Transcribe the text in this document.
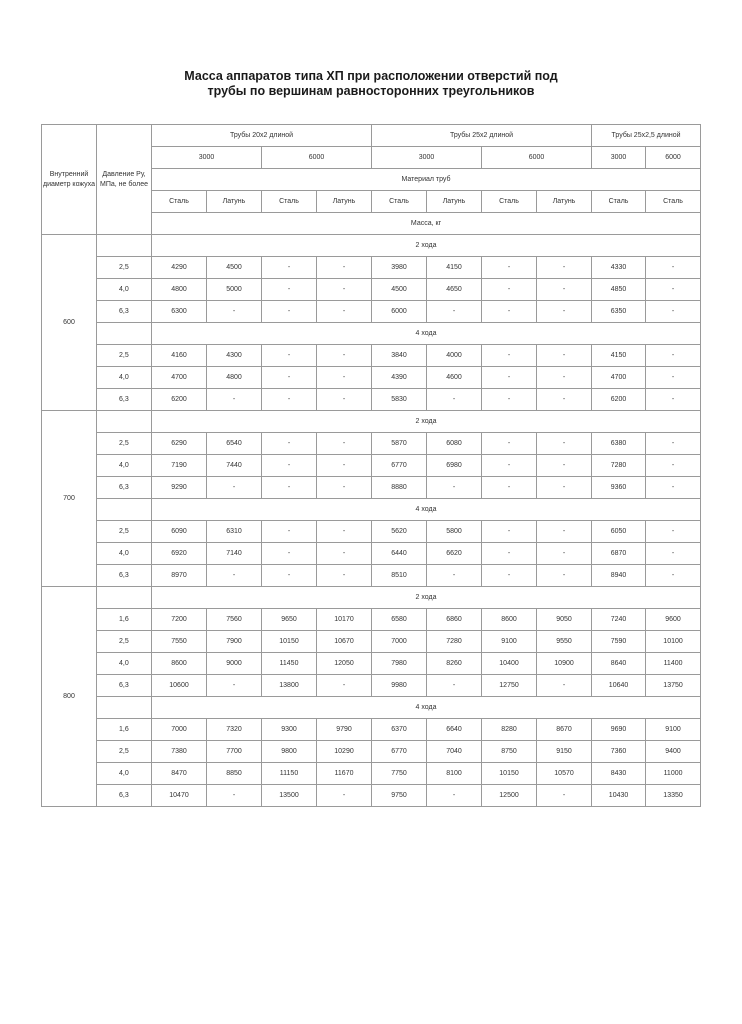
Масса аппаратов типа ХП при расположении отверстий под
трубы по вершинам равносторонних треугольников
Внутренний диаметр кожуха	Давление Ру, МПа, не более	Трубы 20х2 длиной				Трубы 25х2 длиной				Трубы 25х2,5 длиной	
		3000		6000		3000		6000		3000	6000
		Материал труб									
		Сталь	Латунь	Сталь	Латунь	Сталь	Латунь	Сталь	Латунь	Сталь	Сталь
		Масса, кг									
600		2 хода									
	2,5	4290	4500	-	-	3980	4150	-	-	4330	-
	4,0	4800	5000	-	-	4500	4650	-	-	4850	-
	6,3	6300	-	-	-	6000	-	-	-	6350	-
		4 хода									
	2,5	4160	4300	-	-	3840	4000	-	-	4150	-
	4,0	4700	4800	-	-	4390	4600	-	-	4700	-
	6,3	6200	-	-	-	5830	-	-	-	6200	-
700		2 хода									
	2,5	6290	6540	-	-	5870	6080	-	-	6380	-
	4,0	7190	7440	-	-	6770	6980	-	-	7280	-
	6,3	9290	-	-	-	8880	-	-	-	9360	-
		4 хода									
	2,5	6090	6310	-	-	5620	5800	-	-	6050	-
	4,0	6920	7140	-	-	6440	6620	-	-	6870	-
	6,3	8970	-	-	-	8510	-	-	-	8940	-
800		2 хода									
	1,6	7200	7560	9650	10170	6580	6860	8600	9050	7240	9600
	2,5	7550	7900	10150	10670	7000	7280	9100	9550	7590	10100
	4,0	8600	9000	11450	12050	7980	8260	10400	10900	8640	11400
	6,3	10600	-	13800	-	9980	-	12750	-	10640	13750
		4 хода									
	1,6	7000	7320	9300	9790	6370	6640	8280	8670	9690	9100
	2,5	7380	7700	9800	10290	6770	7040	8750	9150	7360	9400
	4,0	8470	8850	11150	11670	7750	8100	10150	10570	8430	11000
	6,3	10470	-	13500	-	9750	-	12500	-	10430	13350
